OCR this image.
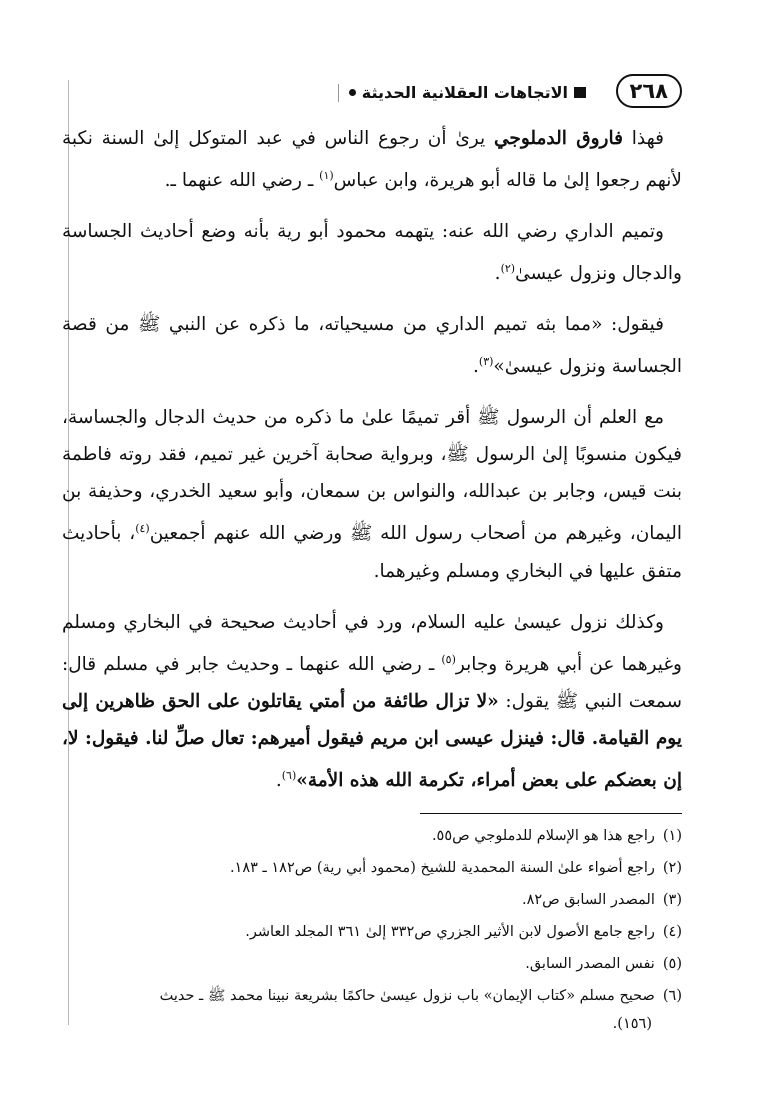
٢٦٨
الاتجاهات العقلانية الحديثة

فهذا فاروق الدملوجي يرىٰ أن رجوع الناس في عبد المتوكل إلىٰ السنة نكبة لأنهم رجعوا إلىٰ ما قاله أبو هريرة، وابن عباس$^{(١)}$ ـ رضي الله عنهما ـ.

وتميم الداري رضي الله عنه: يتهمه محمود أبو رية بأنه وضع أحاديث الجساسة والدجال ونزول عيسىٰ$^{(٢)}$.

فيقول: «مما بثه تميم الداري من مسيحياته، ما ذكره عن النبي ﷺ من قصة الجساسة ونزول عيسىٰ»$^{(٣)}$.

مع العلم أن الرسول ﷺ أقر تميمًا علىٰ ما ذكره من حديث الدجال والجساسة، فيكون منسوبًا إلىٰ الرسول ﷺ، وبرواية صحابة آخرين غير تميم، فقد روته فاطمة بنت قيس، وجابر بن عبدالله، والنواس بن سمعان، وأبو سعيد الخدري، وحذيفة بن اليمان، وغيرهم من أصحاب رسول الله ﷺ ورضي الله عنهم أجمعين$^{(٤)}$، بأحاديث متفق عليها في البخاري ومسلم وغيرهما.

وكذلك نزول عيسىٰ عليه السلام، ورد في أحاديث صحيحة في البخاري ومسلم وغيرهما عن أبي هريرة وجابر$^{(٥)}$ ـ رضي الله عنهما ـ وحديث جابر في مسلم قال: سمعت النبي ﷺ يقول: «لا تزال طائفة من أمتي يقاتلون على الحق ظاهرين إلى يوم القيامة. قال: فينزل عيسى ابن مريم فيقول أميرهم: تعال صلِّ لنا. فيقول: لا، إن بعضكم على بعض أمراء، تكرمة الله هذه الأمة»$^{(٦)}$.

(١)راجع هذا هو الإسلام للدملوجي ص٥٥.
(٢)راجع أضواء علىٰ السنة المحمدية للشيخ (محمود أبي رية) ص١٨٢ ـ ١٨٣.
(٣)المصدر السابق ص٨٢.
(٤)راجع جامع الأصول لابن الأثير الجزري ص٣٣٢ إلىٰ ٣٦١ المجلد العاشر.
(٥)نفس المصدر السابق.
(٦)صحيح مسلم «كتاب الإيمان» باب نزول عيسىٰ حاكمًا بشريعة نبينا محمد ﷺ ـ حديث
(١٥٦).
